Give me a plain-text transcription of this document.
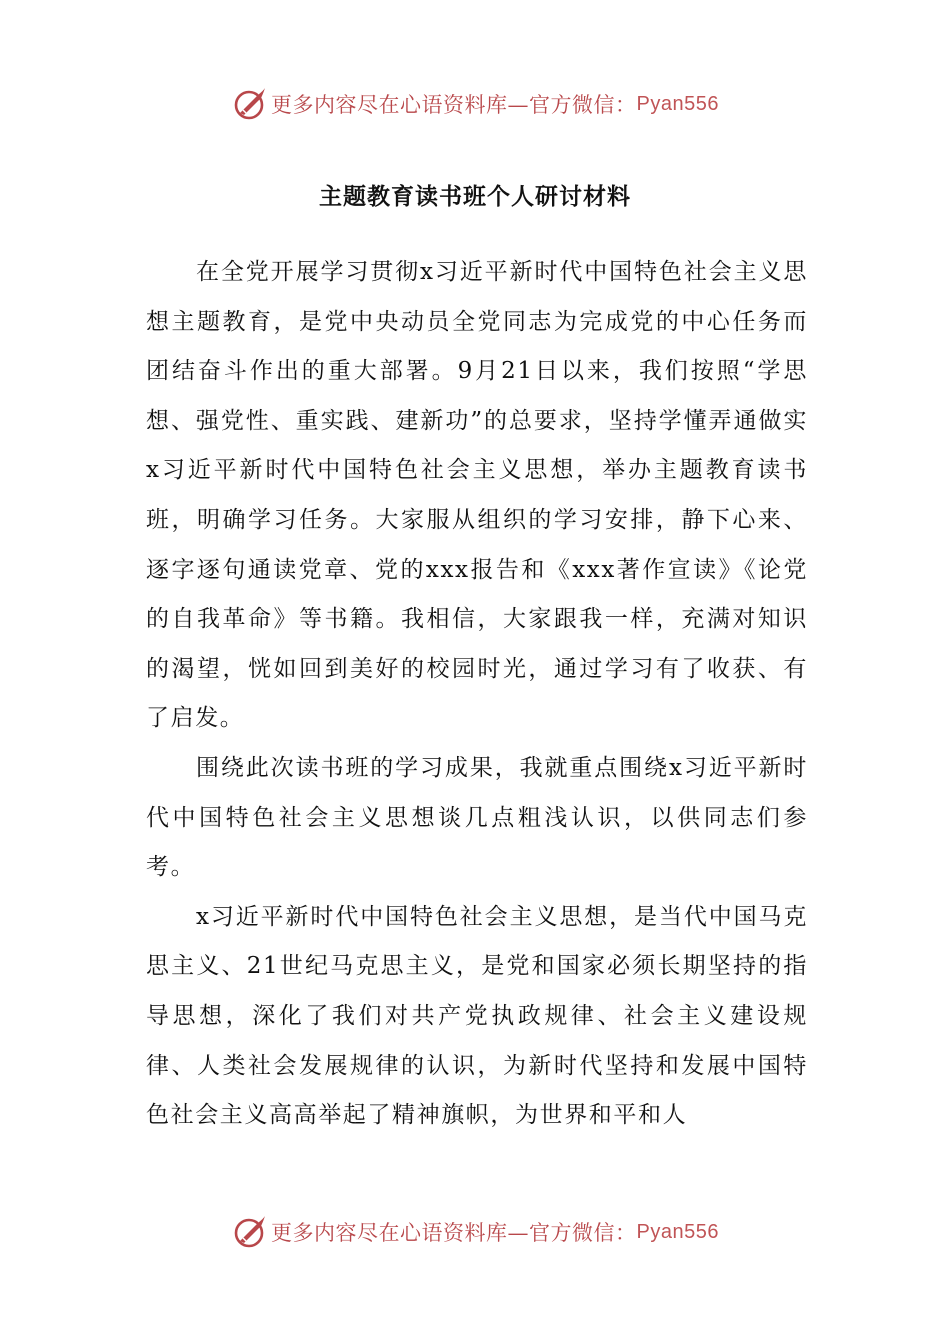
更多内容尽在心语资料库—官方微信： Pyan556
主题教育读书班个人研讨材料

在全党开展学习贯彻x习近平新时代中国特色社会主义思想主题教育，是党中央动员全党同志为完成党的中心任务而团结奋斗作出的重大部署。9月21日以来，我们按照“学思想、强党性、重实践、建新功”的总要求，坚持学懂弄通做实x习近平新时代中国特色社会主义思想，举办主题教育读书班，明确学习任务。大家服从组织的学习安排，静下心来、逐字逐句通读党章、党的xxx报告和《xxx著作宣读》《论党的自我革命》等书籍。我相信，大家跟我一样，充满对知识的渴望，恍如回到美好的校园时光，通过学习有了收获、有了启发。

围绕此次读书班的学习成果，我就重点围绕x习近平新时代中国特色社会主义思想谈几点粗浅认识，以供同志们参考。

x习近平新时代中国特色社会主义思想，是当代中国马克思主义、21世纪马克思主义，是党和国家必须长期坚持的指导思想，深化了我们对共产党执政规律、社会主义建设规律、人类社会发展规律的认识，为新时代坚持和发展中国特色社会主义高高举起了精神旗帜，为世界和平和人

更多内容尽在心语资料库—官方微信： Pyan556
